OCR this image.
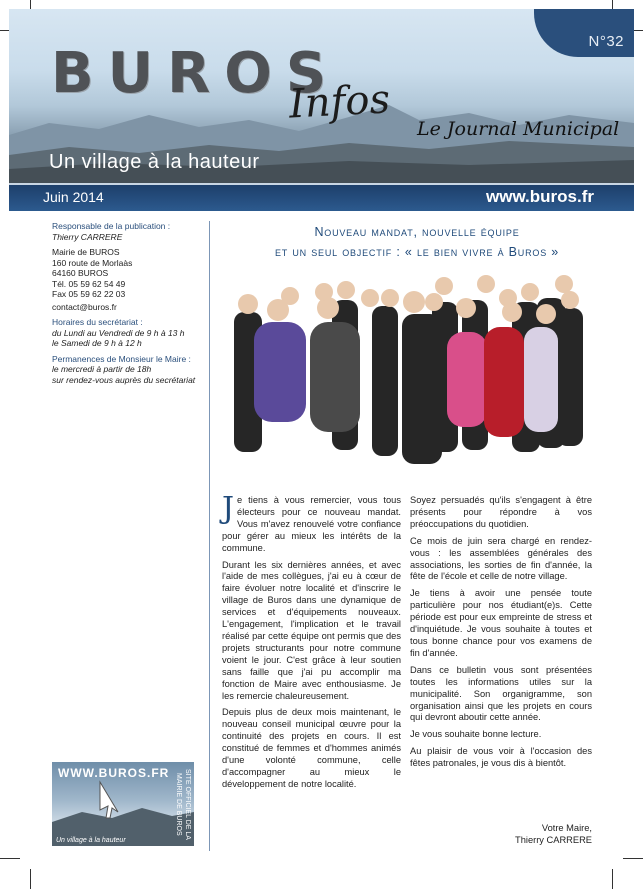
N°32
BUROS
Infos
Le Journal Municipal
Un village à la hauteur
Juin 2014	www.buros.fr

Responsable de la publication :

Thierry CARRERE

Mairie de BUROS

160 route de Morlaàs

64160 BUROS

Tél. 05 59 62 54 49

Fax 05 59 62 22 03

contact@buros.fr

Horaires du secrétariat :

du Lundi au Vendredi de 9 h à 13 h

le Samedi de 9 h à 12 h

Permanences de Monsieur le Maire :

le mercredi à partir de 18h

sur rendez-vous auprès du secrétariat

WWW.BUROS.FR	SITE OFFICIEL DE LA MAIRIE DE BUROS
Un village à la hauteur
Nouveau mandat, nouvelle équipe
et un seul objectif : « le bien vivre à Buros »

Je tiens à vous remercier, vous tous électeurs pour ce nouveau mandat. Vous m'avez renouvelé votre confiance pour gérer au mieux les intérêts de la commune.

Durant les six dernières années, et avec l'aide de mes collègues, j'ai eu à cœur de faire évoluer notre localité et d'inscrire le village de Buros dans une dynamique de services et d'équipements nouveaux. L'engagement, l'implication et le travail réalisé par cette équipe ont permis que des projets structurants pour notre commune voient le jour. C'est grâce à leur soutien sans faille que j'ai pu accomplir ma fonction de Maire avec enthousiasme. Je les remercie chaleureusement.

Depuis plus de deux mois maintenant, le nouveau conseil municipal œuvre pour la continuité des projets en cours. Il est constitué de femmes et d'hommes animés d'une volonté commune, celle d'accompagner au mieux le développement de notre localité.

Soyez persuadés qu'ils s'engagent à être présents pour répondre à vos préoccupations du quotidien.

Ce mois de juin sera chargé en rendez-vous : les assemblées générales des associations, les sorties de fin d'année, la fête de l'école et celle de notre village.

Je tiens à avoir une pensée toute particulière pour nos étudiant(e)s. Cette période est pour eux empreinte de stress et d'inquiétude. Je vous souhaite à toutes et tous bonne chance pour vos examens de fin d'année.

Dans ce bulletin vous sont présentées toutes les informations utiles sur la municipalité. Son organigramme, son organisation ainsi que les projets en cours qui devront aboutir cette année.

Je vous souhaite bonne lecture.

Au plaisir de vous voir à l'occasion des fêtes patronales, je vous dis à bientôt.

Votre Maire,
Thierry CARRERE
